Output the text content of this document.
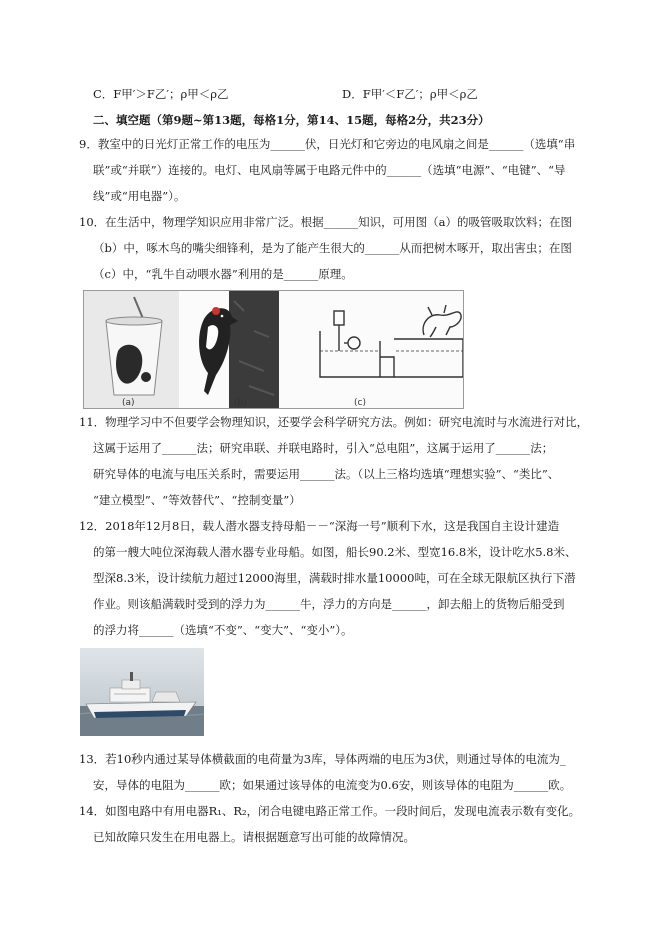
C．F甲′＞F乙′；ρ甲＜ρ乙	D．F甲′＜F乙′；ρ甲＜ρ乙
二、填空题（第9题~第13题，每格1分，第14、15题，每格2分，共23分）
9．教室中的日光灯正常工作的电压为______伏，日光灯和它旁边的电风扇之间是______（选填“串
联”或“并联”）连接的。电灯、电风扇等属于电路元件中的______（选填“电源”、“电键”、“导
线”或“用电器”）。
10．在生活中，物理学知识应用非常广泛。根据______知识，可用图（a）的吸管吸取饮料；在图
（b）中，啄木鸟的嘴尖细锋利，是为了能产生很大的______从而把树木啄开，取出害虫；在图
（c）中，“乳牛自动喂水器”利用的是______原理。
(a)	(b)	(c)
11．物理学习中不但要学会物理知识，还要学会科学研究方法。例如：研究电流时与水流进行对比，
这属于运用了______法；研究串联、并联电路时，引入“总电阻”，这属于运用了______法；
研究导体的电流与电压关系时，需要运用______法。（以上三格均选填“理想实验”、“类比”、
“建立模型”、“等效替代”、“控制变量”）
12．2018年12月8日，载人潜水器支持母船－－“深海一号”顺利下水，这是我国自主设计建造
的第一艘大吨位深海载人潜水器专业母船。如图，船长90.2米、型宽16.8米，设计吃水5.8米、
型深8.3米，设计续航力超过12000海里，满载时排水量10000吨，可在全球无限航区执行下潜
作业。则该船满载时受到的浮力为______牛，浮力的方向是______，卸去船上的货物后船受到
的浮力将______（选填“不变”、“变大”、“变小”）。
13．若10秒内通过某导体横截面的电荷量为3库，导体两端的电压为3伏，则通过导体的电流为_
安，导体的电阻为______欧；如果通过该导体的电流变为0.6安，则该导体的电阻为______欧。
14．如图电路中有用电器R₁、R₂，闭合电键电路正常工作。一段时间后，发现电流表示数有变化。
已知故障只发生在用电器上。请根据题意写出可能的故障情况。
